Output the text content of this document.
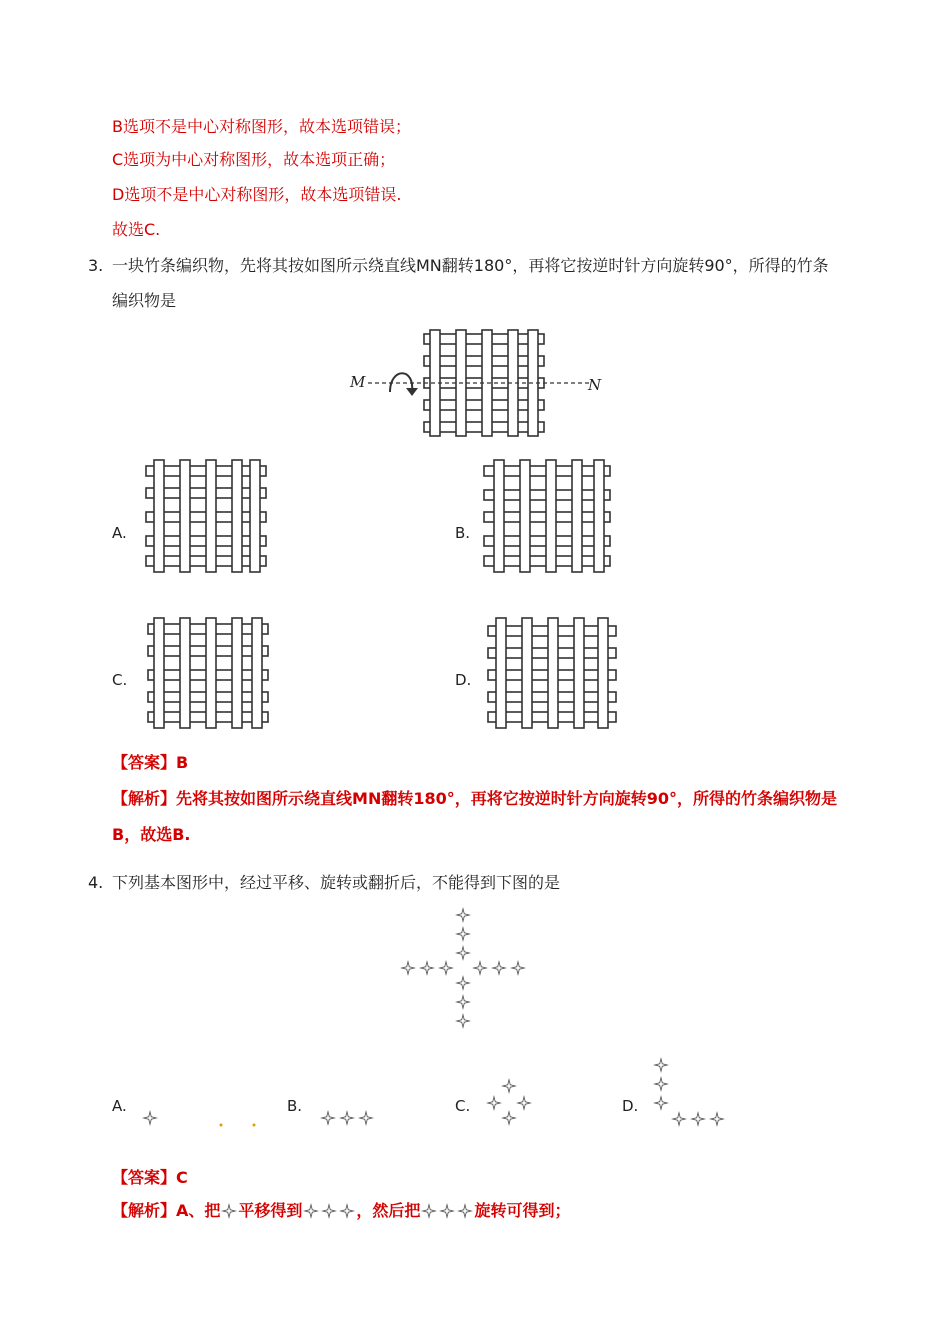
B选项不是中心对称图形，故本选项错误；
C选项为中心对称图形，故本选项正确；
D选项不是中心对称图形，故本选项错误.
故选C.
3. 一块竹条编织物，先将其按如图所示绕直线MN翻转180°，再将它按逆时针方向旋转90°，所得的竹条
编织物是
M	N
A.	B.
C.	D.
【答案】B
【解析】先将其按如图所示绕直线MN翻转180°，再将它按逆时针方向旋转90°，所得的竹条编织物是
B，故选B.
4. 下列基本图形中，经过平移、旋转或翻折后，不能得到下图的是
A.	B.	C.	D.
【答案】C
【解析】 A、把 平移得到	，然后把	旋转可得到；
